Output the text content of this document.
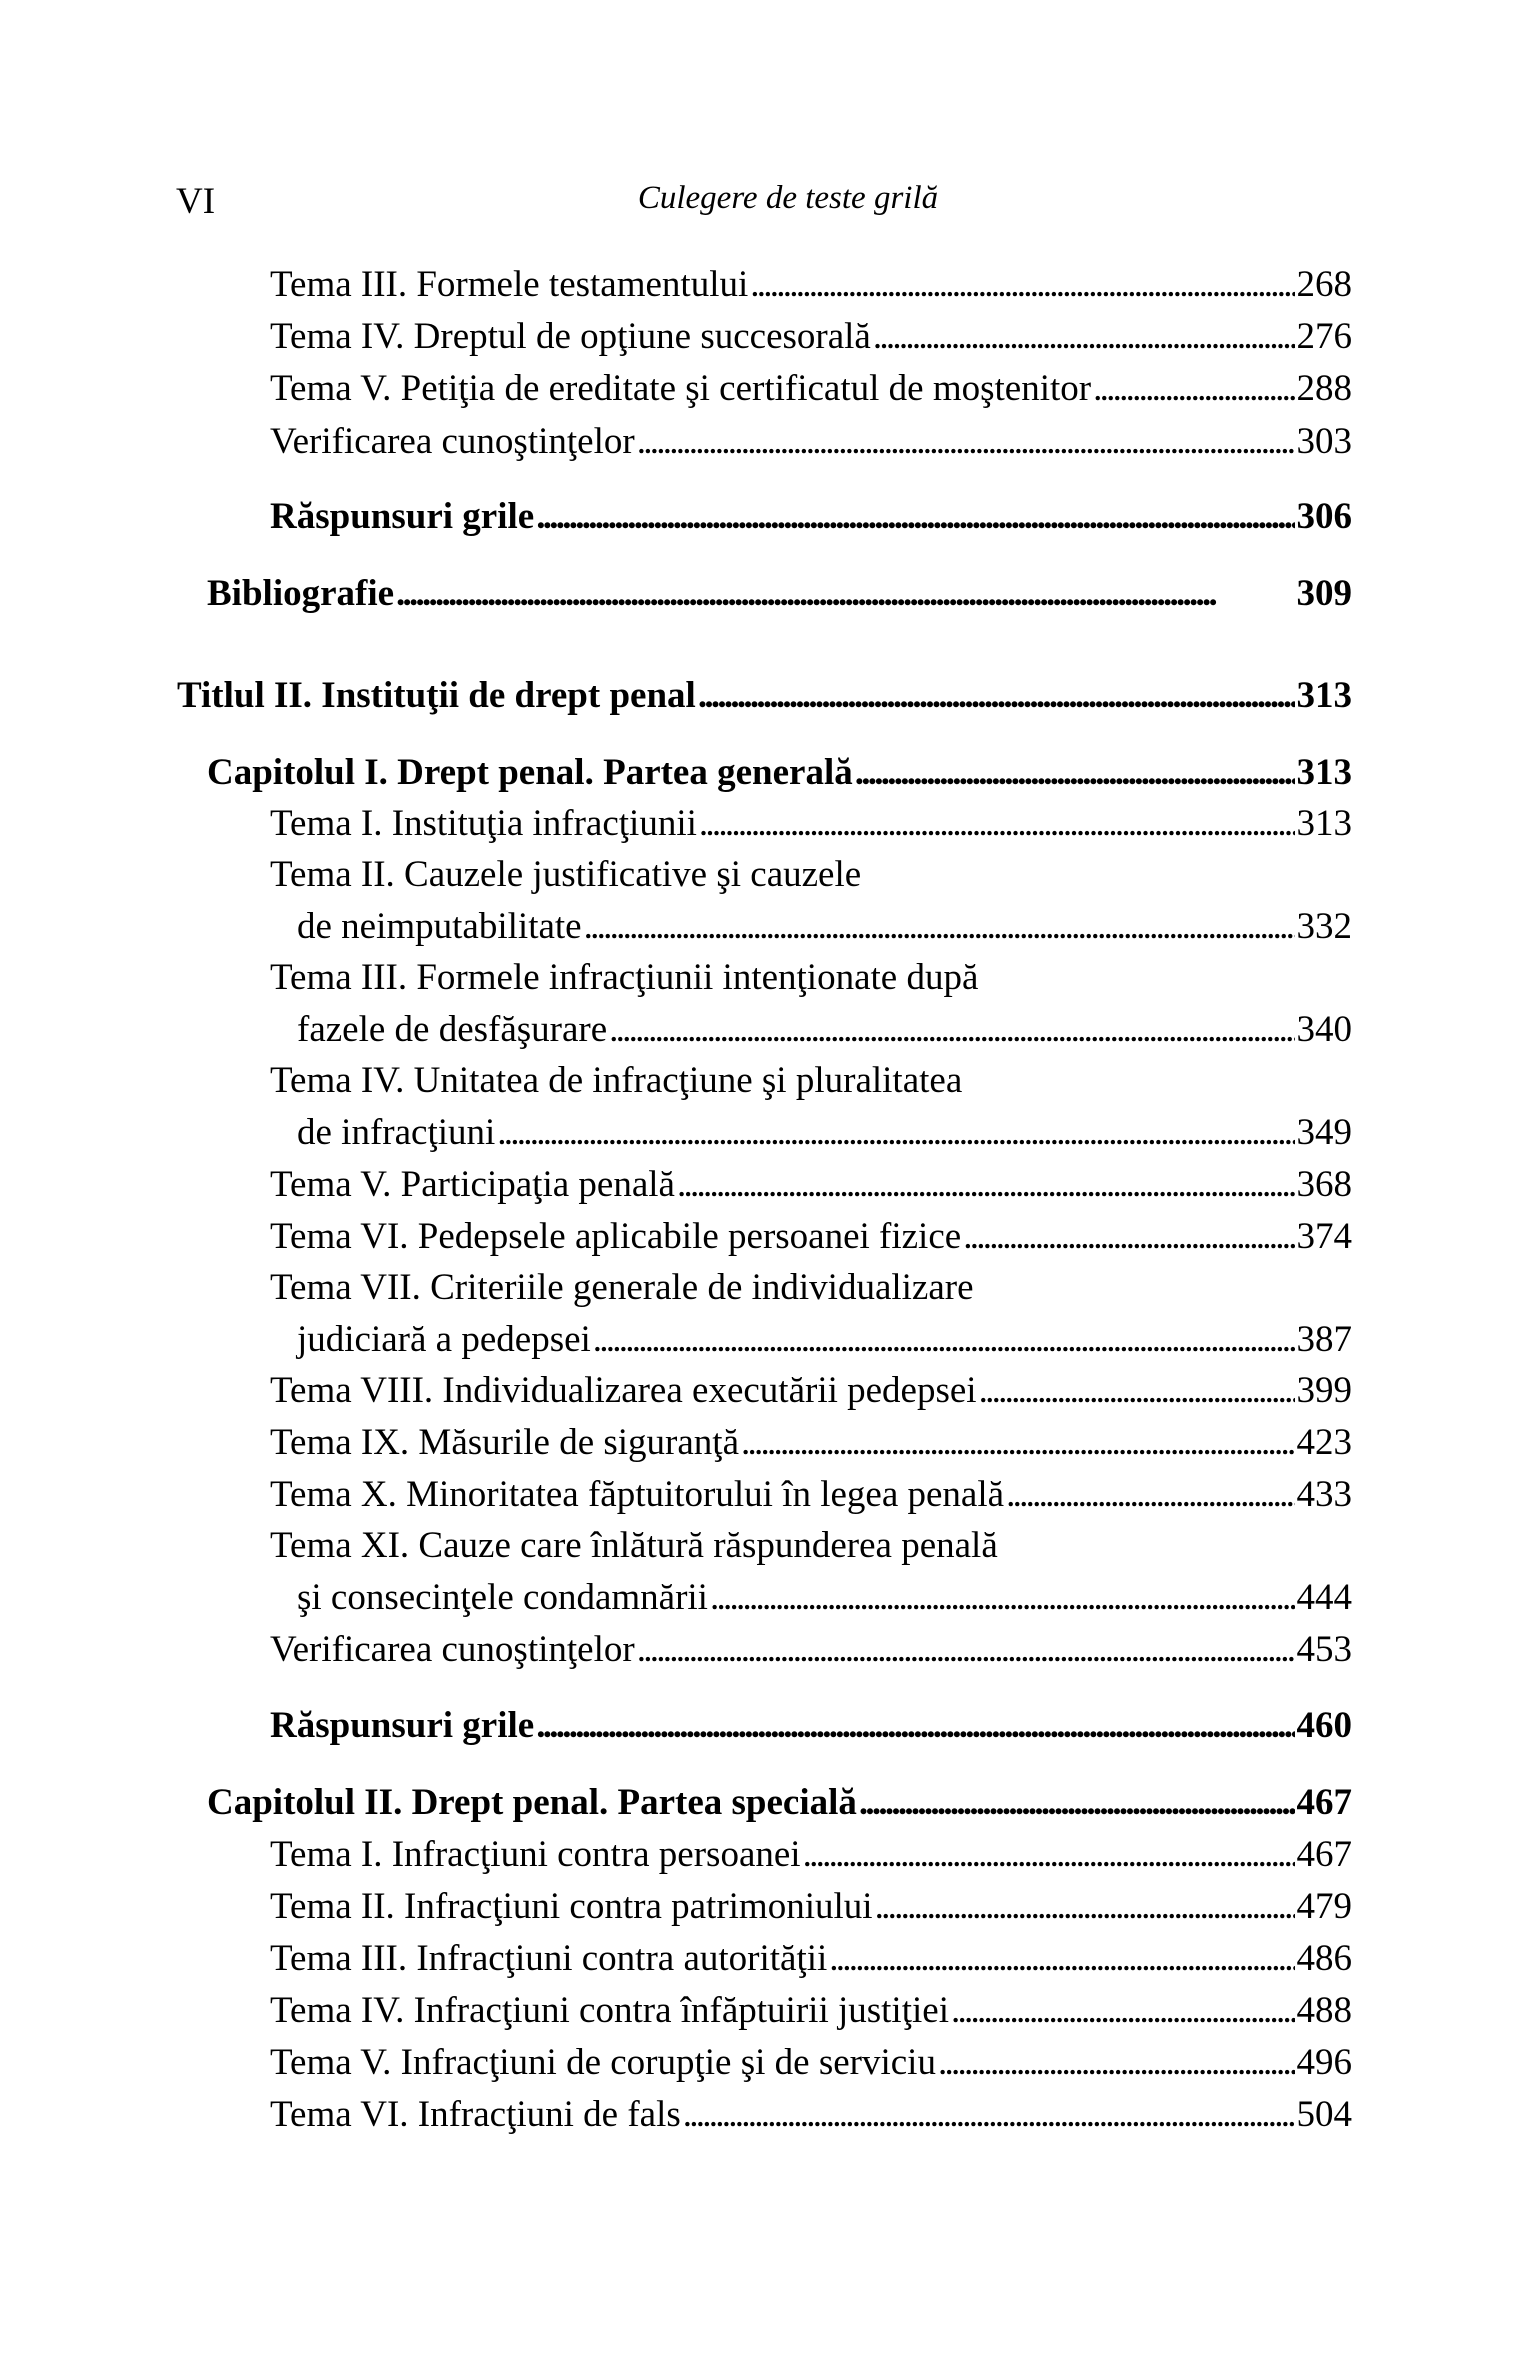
VI	Culegere de teste grilă
Tema III. Formele testamentului . . .	268
Tema IV. Dreptul de opţiune succesorală . . .	276
Tema V. Petiţia de ereditate şi certificatul de moştenitor . . .	288
Verificarea cunoştinţelor . . .	303
Răspunsuri grile . . .	306
Bibliografie . . .	309
Titlul II. Instituţii de drept penal . . .	313
Capitolul I. Drept penal. Partea generală . . .	313
Tema I. Instituţia infracţiunii . . .	313
Tema II. Cauzele justificative şi cauzele
de neimputabilitate . . .	332
Tema III. Formele infracţiunii intenţionate după
fazele de desfăşurare . . .	340
Tema IV. Unitatea de infracţiune şi pluralitatea
de infracţiuni . . .	349
Tema V. Participaţia penală . . .	368
Tema VI. Pedepsele aplicabile persoanei fizice . . .	374
Tema VII. Criteriile generale de individualizare
judiciară a pedepsei . . .	387
Tema VIII. Individualizarea executării pedepsei . . .	399
Tema IX. Măsurile de siguranţă . . .	423
Tema X. Minoritatea făptuitorului în legea penală . . .	433
Tema XI. Cauze care înlătură răspunderea penală
şi consecinţele condamnării . . .	444
Verificarea cunoştinţelor . . .	453
Răspunsuri grile . . .	460
Capitolul II. Drept penal. Partea specială . . .	467
Tema I. Infracţiuni contra persoanei . . .	467
Tema II. Infracţiuni contra patrimoniului . . .	479
Tema III. Infracţiuni contra autorităţii . . .	486
Tema IV. Infracţiuni contra înfăptuirii justiţiei . . .	488
Tema V. Infracţiuni de corupţie şi de serviciu . . .	496
Tema VI. Infracţiuni de fals . . .	504
